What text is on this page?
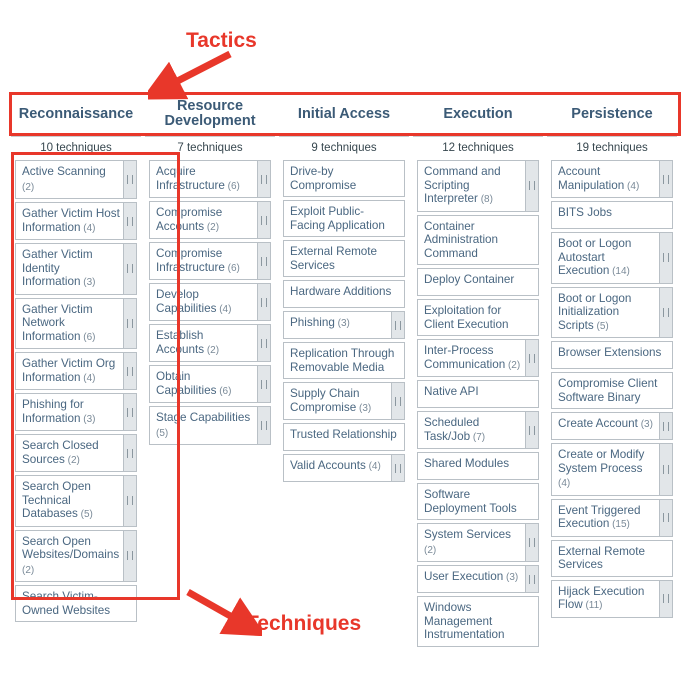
Reconnaissance
10 techniques
Active Scanning (2)
Gather Victim Host Information (4)
Gather Victim Identity Information (3)
Gather Victim Network Information (6)
Gather Victim Org Information (4)
Phishing for Information (3)
Search Closed Sources (2)
Search Open Technical Databases (5)
Search Open Websites/Domains (2)
Search Victim-Owned Websites
Resource Development
7 techniques
Acquire Infrastructure (6)
Compromise Accounts (2)
Compromise Infrastructure (6)
Develop Capabilities (4)
Establish Accounts (2)
Obtain Capabilities (6)
Stage Capabilities (5)
Initial Access
9 techniques
Drive-by Compromise
Exploit Public-Facing Application
External Remote Services
Hardware Additions
Phishing (3)
Replication Through Removable Media
Supply Chain Compromise (3)
Trusted Relationship
Valid Accounts (4)
Execution
12 techniques
Command and Scripting Interpreter (8)
Container Administration Command
Deploy Container
Exploitation for Client Execution
Inter-Process Communication (2)
Native API
Scheduled Task/Job (7)
Shared Modules
Software Deployment Tools
System Services (2)
User Execution (3)
Windows Management Instrumentation
Persistence
19 techniques
Account Manipulation (4)
BITS Jobs
Boot or Logon Autostart Execution (14)
Boot or Logon Initialization Scripts (5)
Browser Extensions
Compromise Client Software Binary
Create Account (3)
Create or Modify System Process (4)
Event Triggered Execution (15)
External Remote Services
Hijack Execution Flow (11)
Tactics
Techniques
